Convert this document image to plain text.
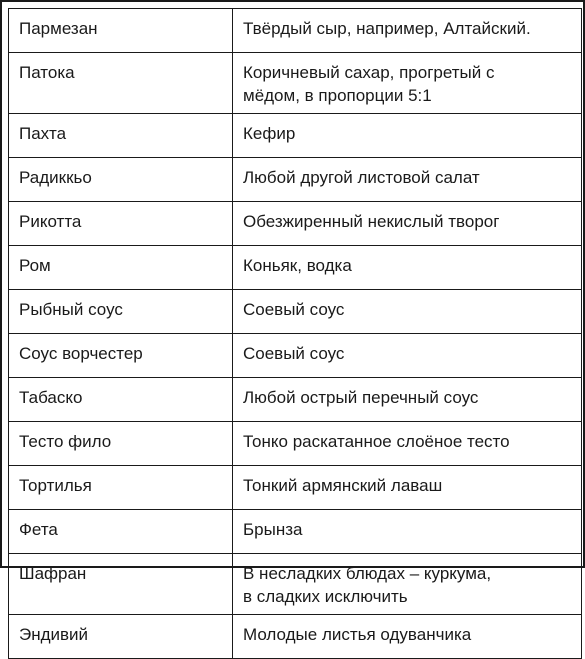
Пармезан	Твёрдый сыр, например, Алтайский.
Патока	Коричневый сахар, прогретый с
мёдом, в пропорции 5:1
Пахта	Кефир
Радиккьо	Любой другой листовой салат
Рикотта	Обезжиренный некислый творог
Ром	Коньяк, водка
Рыбный соус	Соевый соус
Соус ворчестер	Соевый соус
Табаско	Любой острый перечный соус
Тесто фило	Тонко раскатанное слоёное тесто
Тортилья	Тонкий армянский лаваш
Фета	Брынза
Шафран	В несладких блюдах – куркума,
в сладких исключить
Эндивий	Молодые листья одуванчика
